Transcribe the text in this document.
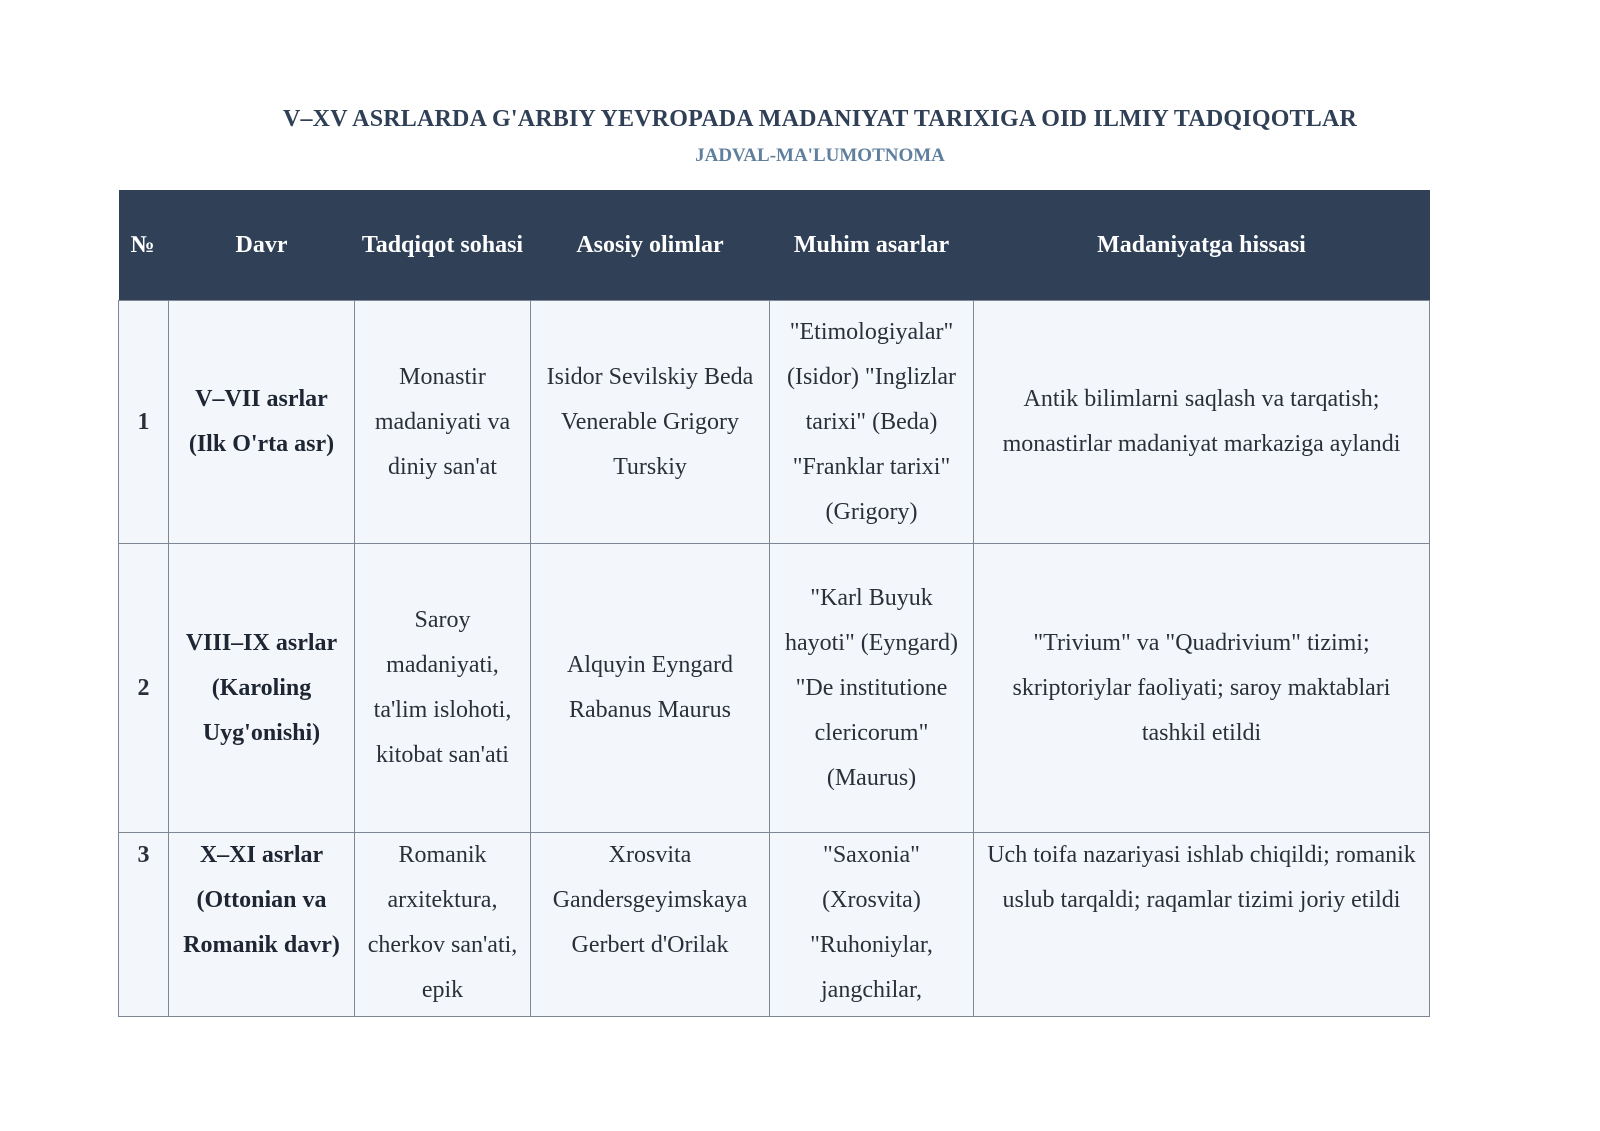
V–XV ASRLARDA G'ARBIY YEVROPADA MADANIYAT TARIXIGA OID ILMIY TADQIQOTLAR
JADVAL-MA'LUMOTNOMA
№	Davr	Tadqiqot sohasi	Asosiy olimlar	Muhim asarlar	Madaniyatga hissasi
1	V–VII asrlar (Ilk O'rta asr)	Monastir madaniyati va diniy san'at	Isidor Sevilskiy Beda Venerable Grigory Turskiy	"Etimologiyalar" (Isidor) "Inglizlar tarixi" (Beda) "Franklar tarixi" (Grigory)	Antik bilimlarni saqlash va tarqatish; monastirlar madaniyat markaziga aylandi
2	VIII–IX asrlar (Karoling Uyg'onishi)	Saroy madaniyati, ta'lim islohoti, kitobat san'ati	Alquyin Eyngard Rabanus Maurus	"Karl Buyuk hayoti" (Eyngard) "De institutione clericorum" (Maurus)	"Trivium" va "Quadrivium" tizimi; skriptoriylar faoliyati; saroy maktablari tashkil etildi
3	X–XI asrlar (Ottonian va Romanik davr)	Romanik arxitektura, cherkov san'ati, epik	Xrosvita Gandersgeyimskaya Gerbert d'Orilak	"Saxonia" (Xrosvita) "Ruhoniylar, jangchilar,	Uch toifa nazariyasi ishlab chiqildi; romanik uslub tarqaldi; raqamlar tizimi joriy etildi
